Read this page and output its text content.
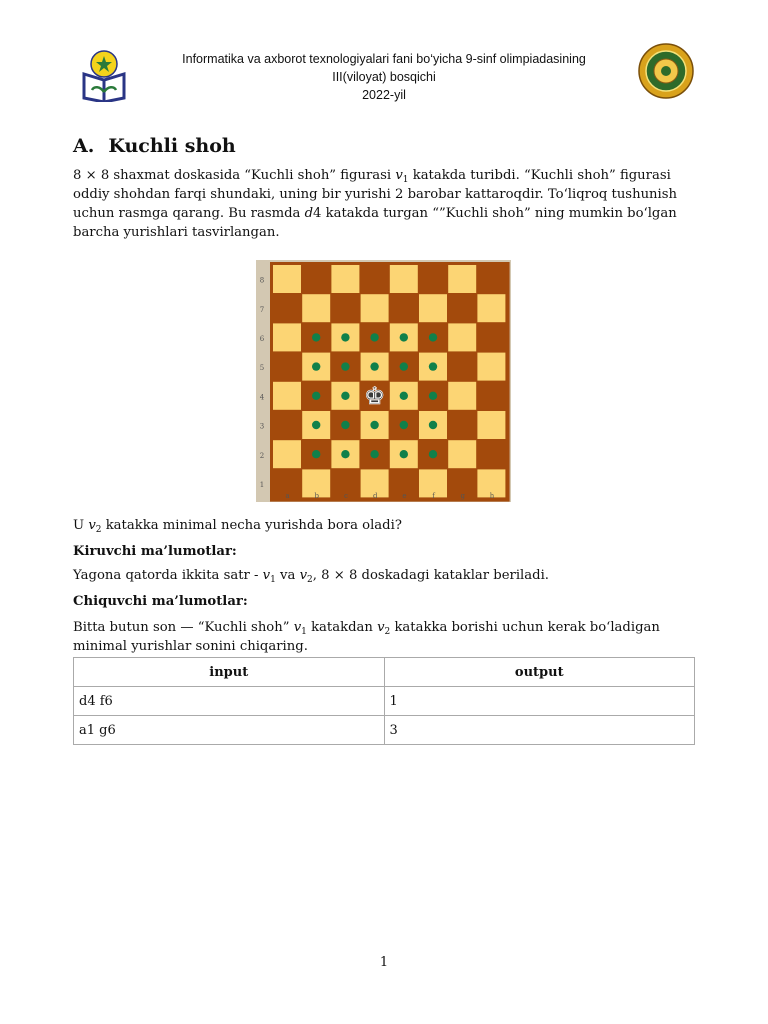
Informatika va axborot texnologiyalari fani bo‘yicha 9-sinf olimpiadasining
III(viloyat) bosqichi
2022-yil
A. Kuchli shoh

8 × 8 shaxmat doskasida “Kuchli shoh” figurasi $v_1$ katakda turibdi. “Kuchli shoh” figurasi oddiy shohdan farqi shundaki, uning bir yurishi 2 barobar kattaroqdir. To‘liqroq tushunish uchun rasmga qarang. Bu rasmda d4 katakda turgan “”Kuchli shoh” ning mumkin bo‘lgan barcha yurishlari tasvirlangan.

♚
8
7
6
5
4
3
2
1
a	b	c	d	e	f	g	h

U $v_2$ katakka minimal necha yurishda bora oladi?

Kiruvchi ma’lumotlar:

Yagona qatorda ikkita satr - $v_1$ va $v_2$, 8 × 8 doskadagi kataklar beriladi.

Chiquvchi ma’lumotlar:

Bitta butun son — “Kuchli shoh” $v_1$ katakdan $v_2$ katakka borishi uchun kerak bo‘ladigan minimal yurishlar sonini chiqaring.

input	output
d4 f6	1
a1 g6	3
1
